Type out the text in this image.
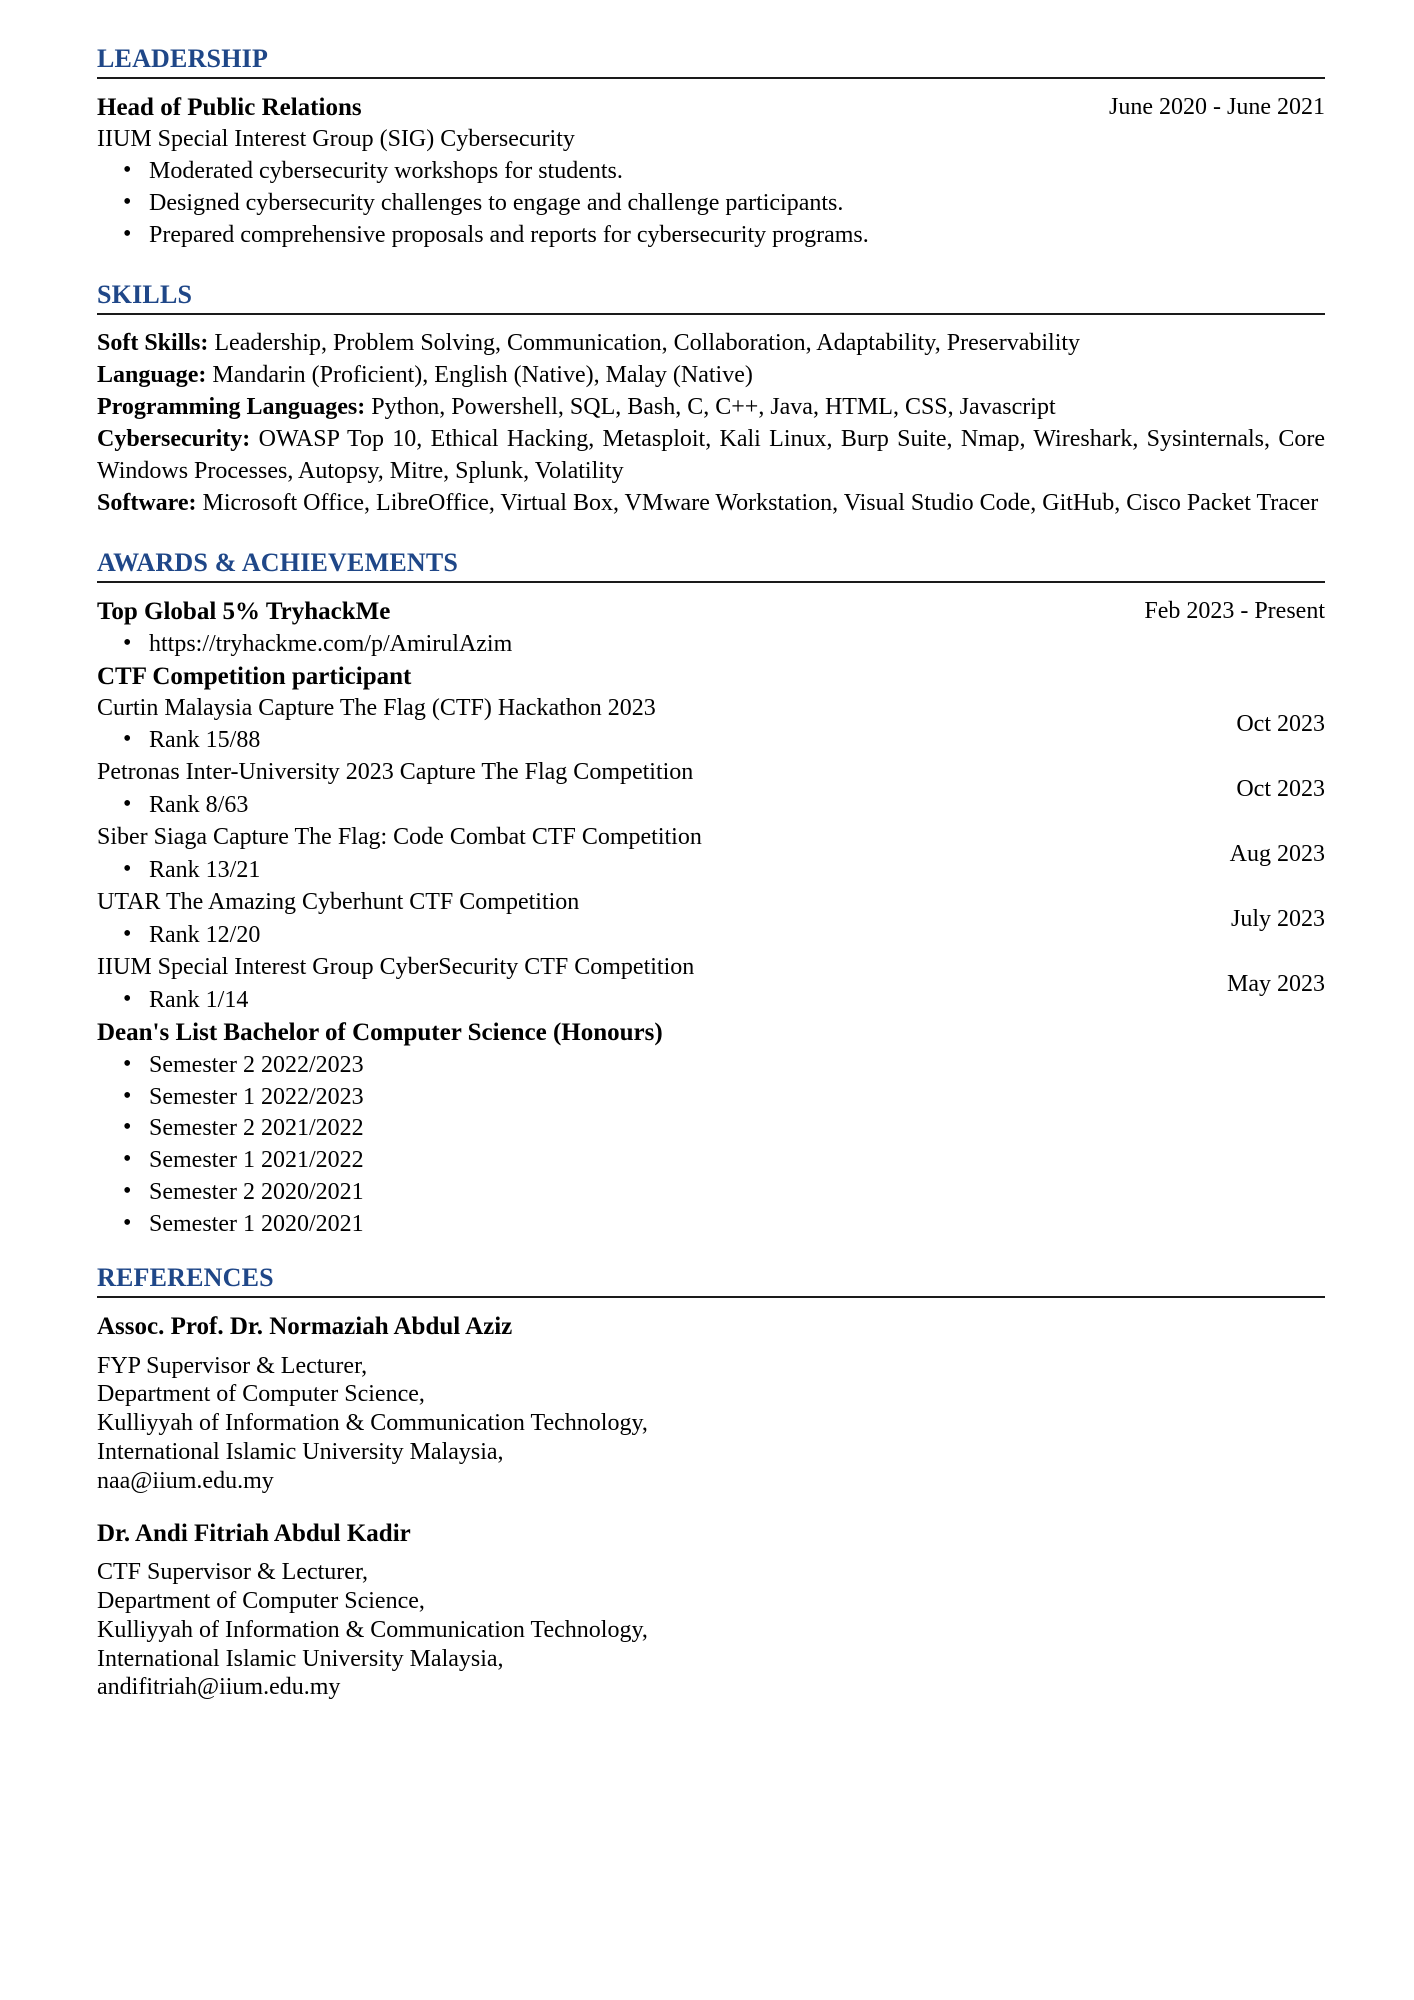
LEADERSHIP
Head of Public Relations	June 2020 - June 2021
IIUM Special Interest Group (SIG) Cybersecurity
• Moderated cybersecurity workshops for students.
• Designed cybersecurity challenges to engage and challenge participants.
• Prepared comprehensive proposals and reports for cybersecurity programs.
SKILLS
Soft Skills: Leadership, Problem Solving, Communication, Collaboration, Adaptability, Preservability
Language: Mandarin (Proficient), English (Native), Malay (Native)
Programming Languages: Python, Powershell, SQL, Bash, C, C++, Java, HTML, CSS, Javascript
Cybersecurity: OWASP Top 10, Ethical Hacking, Metasploit, Kali Linux, Burp Suite, Nmap, Wireshark, Sysinternals, Core Windows Processes, Autopsy, Mitre, Splunk, Volatility
Software: Microsoft Office, LibreOffice, Virtual Box, VMware Workstation, Visual Studio Code, GitHub, Cisco Packet Tracer
AWARDS & ACHIEVEMENTS
Top Global 5% TryhackMe	Feb 2023 - Present
• https://tryhackme.com/p/AmirulAzim
CTF Competition participant
Curtin Malaysia Capture The Flag (CTF) Hackathon 2023
• Rank 15/88
Oct 2023
Petronas Inter-University 2023 Capture The Flag Competition
• Rank 8/63
Oct 2023
Siber Siaga Capture The Flag: Code Combat CTF Competition
• Rank 13/21
Aug 2023
UTAR The Amazing Cyberhunt CTF Competition
• Rank 12/20
July 2023
IIUM Special Interest Group CyberSecurity CTF Competition
• Rank 1/14
May 2023
Dean's List Bachelor of Computer Science (Honours)
• Semester 2 2022/2023
• Semester 1 2022/2023
• Semester 2 2021/2022
• Semester 1 2021/2022
• Semester 2 2020/2021
• Semester 1 2020/2021
REFERENCES
Assoc. Prof. Dr. Normaziah Abdul Aziz
FYP Supervisor & Lecturer,
Department of Computer Science,
Kulliyyah of Information & Communication Technology,
International Islamic University Malaysia,
naa@iium.edu.my
Dr. Andi Fitriah Abdul Kadir
CTF Supervisor & Lecturer,
Department of Computer Science,
Kulliyyah of Information & Communication Technology,
International Islamic University Malaysia,
andifitriah@iium.edu.my
